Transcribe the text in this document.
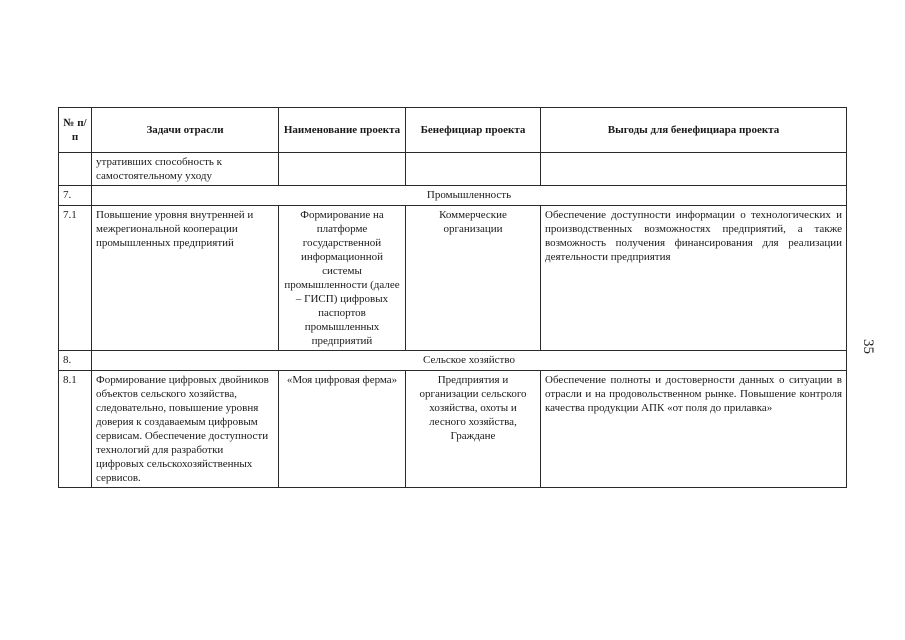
№ п/п	Задачи отрасли	Наименование проекта	Бенефициар проекта	Выгоды для бенефициара проекта
	утративших способность к самостоятельному уходу			
7.	Промышленность			
7.1	Повышение уровня внутренней и межрегиональной кооперации промышленных предприятий	Формирование на платформе государственной информационной системы промышленности (далее – ГИСП) цифровых паспортов промышленных предприятий	Коммерческие организации	Обеспечение доступности информации о технологических и производственных возможностях предприятий, а также возможность получения финансирования для реализации деятельности предприятия
8.	Сельское хозяйство			
8.1	Формирование цифровых двойников объектов сельского хозяйства, следовательно, повышение уровня доверия к создаваемым цифровым сервисам. Обеспечение доступности технологий для разработки цифровых сельскохозяйственных сервисов.	«Моя цифровая ферма»	Предприятия и организации сельского хозяйства, охоты и лесного хозяйства, Граждане	Обеспечение полноты и достоверности данных о ситуации в отрасли и на продовольственном рынке. Повышение контроля качества продукции АПК «от поля до прилавка»
35
